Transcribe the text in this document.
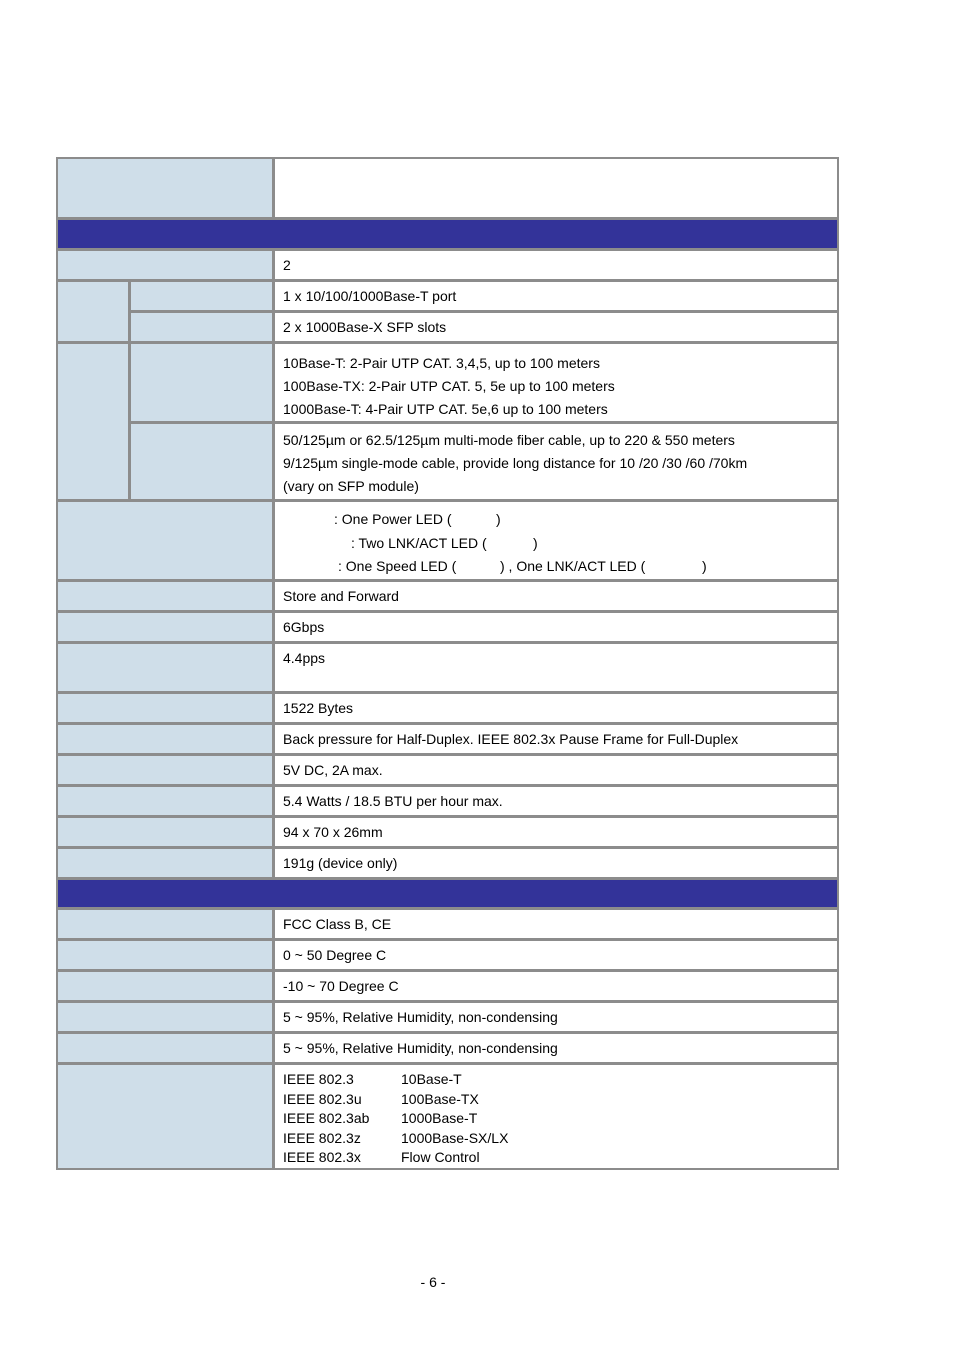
2
1 x 10/100/1000Base-T port
2 x 1000Base-X SFP slots
10Base-T: 2-Pair UTP CAT. 3,4,5, up to 100 meters
100Base-TX: 2-Pair UTP CAT. 5, 5e up to 100 meters
1000Base-T: 4-Pair UTP CAT. 5e,6 up to 100 meters
50/125µm or 62.5/125µm multi-mode fiber cable, up to 220 & 550 meters
9/125µm single-mode cable, provide long distance for 10 /20 /30 /60 /70km
(vary on SFP module)
: One Power LED (	)
: Two LNK/ACT LED (	)
: One Speed LED (	) , One LNK/ACT LED (	)
Store and Forward
6Gbps
4.4pps
1522 Bytes
Back pressure for Half-Duplex. IEEE 802.3x Pause Frame for Full-Duplex
5V DC, 2A max.
5.4 Watts / 18.5 BTU per hour max.
94 x 70 x 26mm
191g (device only)
FCC Class B, CE
0 ~ 50 Degree C
-10 ~ 70 Degree C
5 ~ 95%, Relative Humidity, non-condensing
5 ~ 95%, Relative Humidity, non-condensing
IEEE 802.3	10Base-T
IEEE 802.3u	100Base-TX
IEEE 802.3ab	1000Base-T
IEEE 802.3z	1000Base-SX/LX
IEEE 802.3x	Flow Control
- 6 -
